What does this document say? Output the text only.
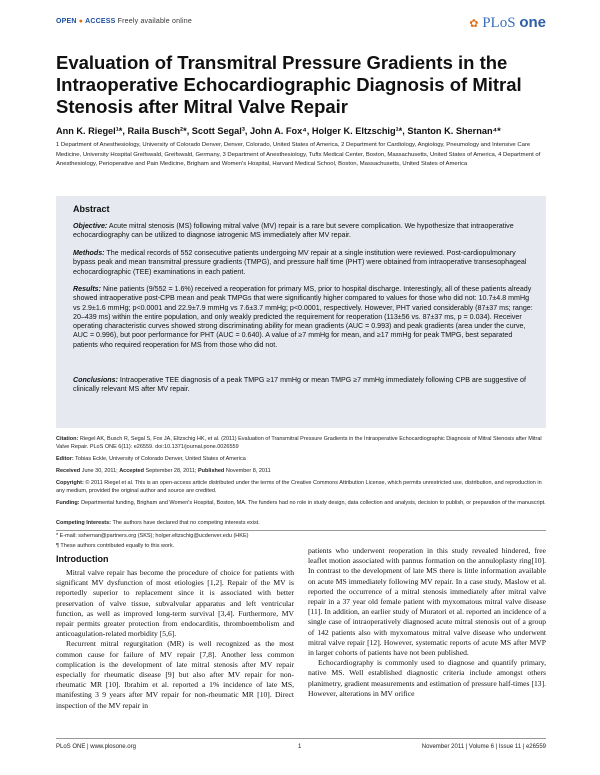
OPEN ● ACCESS Freely available online	✿ PLoS one
Evaluation of Transmitral Pressure Gradients in the Intraoperative Echocardiographic Diagnosis of Mitral Stenosis after Mitral Valve Repair
Ann K. Riegel¹*, Raila Busch²*, Scott Segal³, John A. Fox⁴, Holger K. Eltzschig¹*, Stanton K. Shernan⁴*
1 Department of Anesthesiology, University of Colorado Denver, Denver, Colorado, United States of America, 2 Department for Cardiology, Angiology, Pneumology and Intensive Care Medicine, University Hospital Greifswald, Greifswald, Germany, 3 Department of Anesthesiology, Tufts Medical Center, Boston, Massachusetts, United States of America, 4 Department of Anesthesiology, Perioperative and Pain Medicine, Brigham and Women's Hospital, Harvard Medical School, Boston, Massachusetts, United States of America
Abstract

Objective: Acute mitral stenosis (MS) following mitral valve (MV) repair is a rare but severe complication. We hypothesize that intraoperative echocardiography can be utilized to diagnose iatrogenic MS immediately after MV repair.

Methods: The medical records of 552 consecutive patients undergoing MV repair at a single institution were reviewed. Post-cardiopulmonary bypass peak and mean transmitral pressure gradients (TMPG), and pressure half time (PHT) were obtained from intraoperative transesophageal echocardiographic (TEE) examinations in each patient.

Results: Nine patients (9/552 = 1.6%) received a reoperation for primary MS, prior to hospital discharge. Interestingly, all of these patients already showed intraoperative post-CPB mean and peak TMPGs that were significantly higher compared to values for those who did not: 10.7±4.8 mmHg vs 2.9±1.6 mmHg; p<0.0001 and 22.9±7.9 mmHg vs 7.6±3.7 mmHg; p<0.0001, respectively. However, PHT varied considerably (87±37 ms; range: 20–439 ms) within the entire population, and only weakly predicted the requirement for reoperation (113±56 vs. 87±37 ms, p = 0.034). Receiver operating characteristic curves showed strong discriminating ability for mean gradients (AUC = 0.993) and peak gradients (area under the curve, AUC = 0.996), but poor performance for PHT (AUC = 0.640). A value of ≥7 mmHg for mean, and ≥17 mmHg for peak TMPG, best separated patients who required reoperation for MS from those who did not.

Conclusions: Intraoperative TEE diagnosis of a peak TMPG ≥17 mmHg or mean TMPG ≥7 mmHg immediately following CPB are suggestive of clinically relevant MS after MV repair.

Citation: Riegel AK, Busch R, Segal S, Fox JA, Eltzschig HK, et al. (2011) Evaluation of Transmitral Pressure Gradients in the Intraoperative Echocardiographic Diagnosis of Mitral Stenosis after Mitral Valve Repair. PLoS ONE 6(11): e26559. doi:10.1371/journal.pone.0026559

Editor: Tobias Eckle, University of Colorado Denver, United States of America

Received June 30, 2011; Accepted September 28, 2011; Published November 8, 2011

Copyright: © 2011 Riegel et al. This is an open-access article distributed under the terms of the Creative Commons Attribution License, which permits unrestricted use, distribution, and reproduction in any medium, provided the original author and source are credited.

Funding: Departmental funding, Brigham and Women's Hospital, Boston, MA. The funders had no role in study design, data collection and analysis, decision to publish, or preparation of the manuscript.

Competing Interests: The authors have declared that no competing interests exist.

* E-mail: sshernan@partners.org (SKS); holger.eltzschig@ucdenver.edu (HKE)

¶ These authors contributed equally to this work.

Introduction

Mitral valve repair has become the procedure of choice for patients with significant MV dysfunction of most etiologies [1,2]. Repair of the MV is reportedly superior to replacement since it is associated with better preservation of valve tissue, subvalvular apparatus and left ventricular function, as well as improved long-term survival [3,4]. Furthermore, MV repair permits greater protection from endocarditis, thromboembolism and anticoagulation-related morbidity [5,6].

Recurrent mitral regurgitation (MR) is well recognized as the most common cause for failure of MV repair [7,8]. Another less common complication is the development of late mitral stenosis after MV repair especially for rheumatic disease [9] but also after MV repair for non-rheumatic MR [10]. Ibrahim et al. reported a 1% incidence of late MS, manifesting 3 9 years after MV repair for non-rheumatic MR [10]. Direct inspection of the MV repair in

patients who underwent reoperation in this study revealed hindered, free leaflet motion associated with pannus formation on the annuloplasty ring[10]. In contrast to the development of late MS there is little information available on acute MS immediately following MV repair. In a case study, Maslow et al. reported the occurrence of a mitral stenosis immediately after mitral valve repair in a 37 year old female patient with myxomatous mitral valve disease [11]. In addition, an earlier study of Muratori et al. reported an incidence of a single case of intraoperatively diagnosed acute mitral stenosis out of a group of 142 patients also with myxomatous mitral valve disease who underwent mitral valve repair [12]. However, systematic reports of acute MS after MVP in larger cohorts of patients have not been published.

Echocardiography is commonly used to diagnose and quantify primary, native MS. Well established diagnostic criteria include amongst others planimetry, gradient measurements and estimation of pressure half-times [13]. However, alterations in MV orifice

PLoS ONE | www.plosone.org	1	November 2011 | Volume 6 | Issue 11 | e26559
